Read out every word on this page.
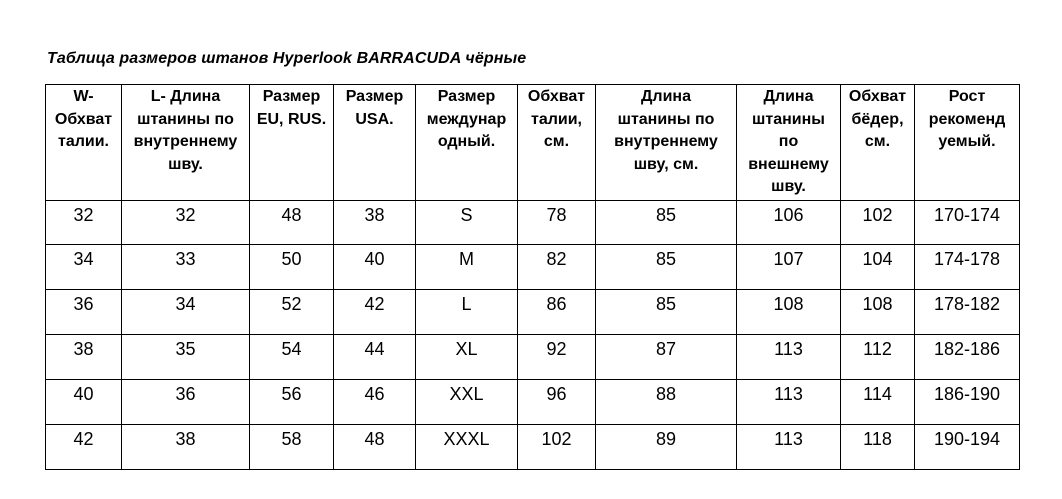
Таблица размеров штанов Hyperlook BARRACUDA чёрные
W-
Обхват
талии.	L- Длина
штанины по
внутреннему
шву.	Размер
EU, RUS.	Размер
USA.	Размер
междунар
одный.	Обхват
талии,
см.	Длина
штанины по
внутреннему
шву, см.	Длина
штанины
по
внешнему
шву.	Обхват
бёдер,
см.	Рост
рекоменд
уемый.

32	32	48	38	S	78	85	106	102	170-174
34	33	50	40	M	82	85	107	104	174-178
36	34	52	42	L	86	85	108	108	178-182
38	35	54	44	XL	92	87	113	112	182-186
40	36	56	46	XXL	96	88	113	114	186-190
42	38	58	48	XXXL	102	89	113	118	190-194
